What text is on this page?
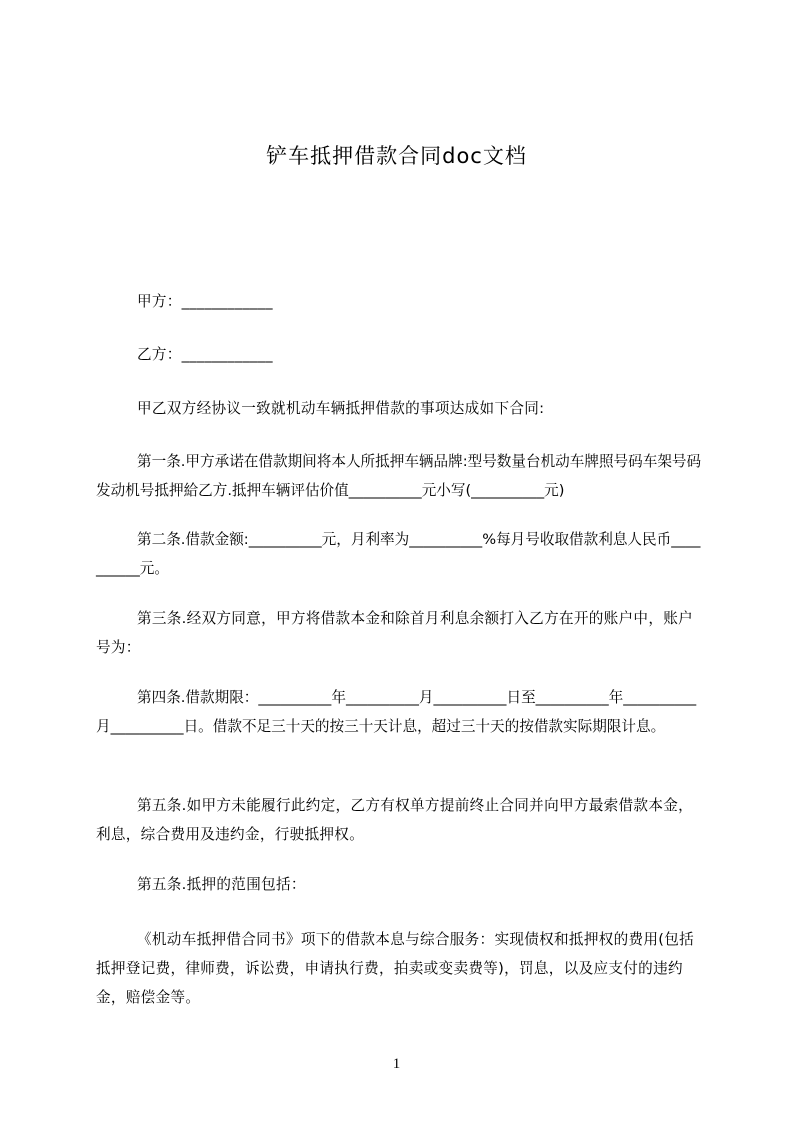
铲车抵押借款合同doc文档
甲方：____________
乙方：____________
甲乙双方经协议一致就机动车辆抵押借款的事项达成如下合同:
第一条.甲方承诺在借款期间将本人所抵押车辆品牌:型号数量台机动车牌照号码车架号码发动机号抵押給乙方.抵押车辆评估价值__________元小写(__________元)
第二条.借款金额:__________元，月利率为__________%每月号收取借款利息人民币__________元。
第三条.经双方同意，甲方将借款本金和除首月利息余额打入乙方在开的账户中，账户号为：
第四条.借款期限：__________年__________月__________日至__________年__________月__________日。借款不足三十天的按三十天计息，超过三十天的按借款实际期限计息。
第五条.如甲方未能履行此约定，乙方有权单方提前终止合同并向甲方最索借款本金，利息，综合费用及违约金，行驶抵押权。
第五条.抵押的范围包括：
《机动车抵押借合同书》项下的借款本息与综合服务：实现债权和抵押权的费用(包括抵押登记费，律师费，诉讼费，申请执行费，拍卖或变卖费等)，罚息，以及应支付的违约金，赔偿金等。
1
